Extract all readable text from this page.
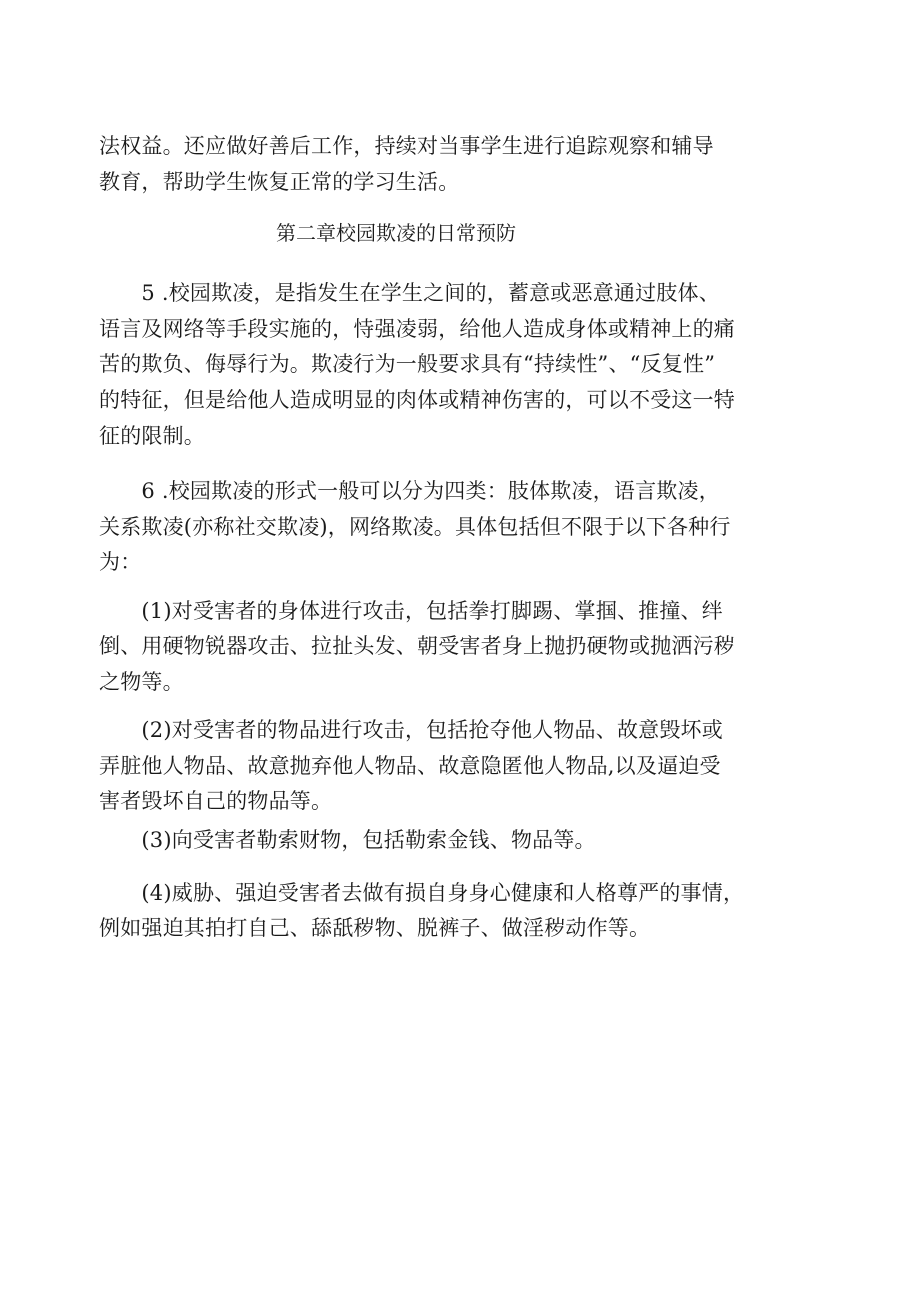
法权益。还应做好善后工作，持续对当事学生进行追踪观察和辅导
教育，帮助学生恢复正常的学习生活。
第二章校园欺凌的日常预防
　　5 .校园欺凌，是指发生在学生之间的，蓄意或恶意通过肢体、
语言及网络等手段实施的，恃强凌弱，给他人造成身体或精神上的痛
苦的欺负、侮辱行为。欺凌行为一般要求具有“持续性”、“反复性”
的特征，但是给他人造成明显的肉体或精神伤害的，可以不受这一特
征的限制。
　　6 .校园欺凌的形式一般可以分为四类：肢体欺凌，语言欺凌，
关系欺凌(亦称社交欺凌)，网络欺凌。具体包括但不限于以下各种行
为：
　　(1)对受害者的身体进行攻击，包括拳打脚踢、掌掴、推撞、绊
倒、用硬物锐器攻击、拉扯头发、朝受害者身上抛扔硬物或抛洒污秽
之物等。
　　(2)对受害者的物品进行攻击，包括抢夺他人物品、故意毁坏或
弄脏他人物品、故意抛弃他人物品、故意隐匿他人物品,以及逼迫受
害者毁坏自己的物品等。
　　(3)向受害者勒索财物，包括勒索金钱、物品等。
　　(4)威胁、强迫受害者去做有损自身身心健康和人格尊严的事情，
例如强迫其拍打自己、舔舐秽物、脱裤子、做淫秽动作等。
